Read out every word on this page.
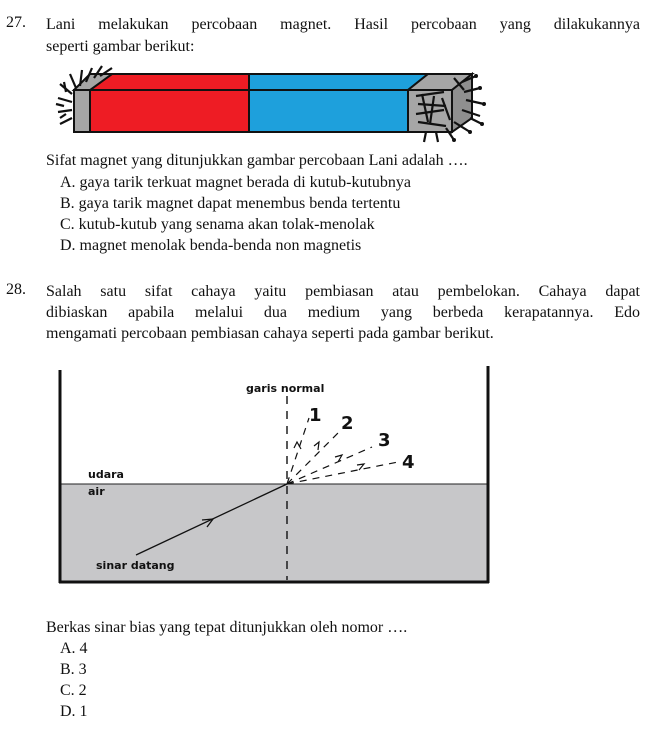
27. Lani melakukan percobaan magnet. Hasil percobaan yang dilakukannya
seperti gambar berikut:
Sifat magnet yang ditunjukkan gambar percobaan Lani adalah ….
A. gaya tarik terkuat magnet berada di kutub-kutubnya
B. gaya tarik magnet dapat menembus benda tertentu
C. kutub-kutub yang senama akan tolak-menolak
D. magnet menolak benda-benda non magnetis
28. Salah satu sifat cahaya yaitu pembiasan atau pembelokan. Cahaya dapat
dibiaskan apabila melalui dua medium yang berbeda kerapatannya. Edo
mengamati percobaan pembiasan cahaya seperti pada gambar berikut.
garis normal
udara
air
sinar datang
1 2
3
4
Berkas sinar bias yang tepat ditunjukkan oleh nomor ….
A. 4
B. 3
C. 2
D. 1
